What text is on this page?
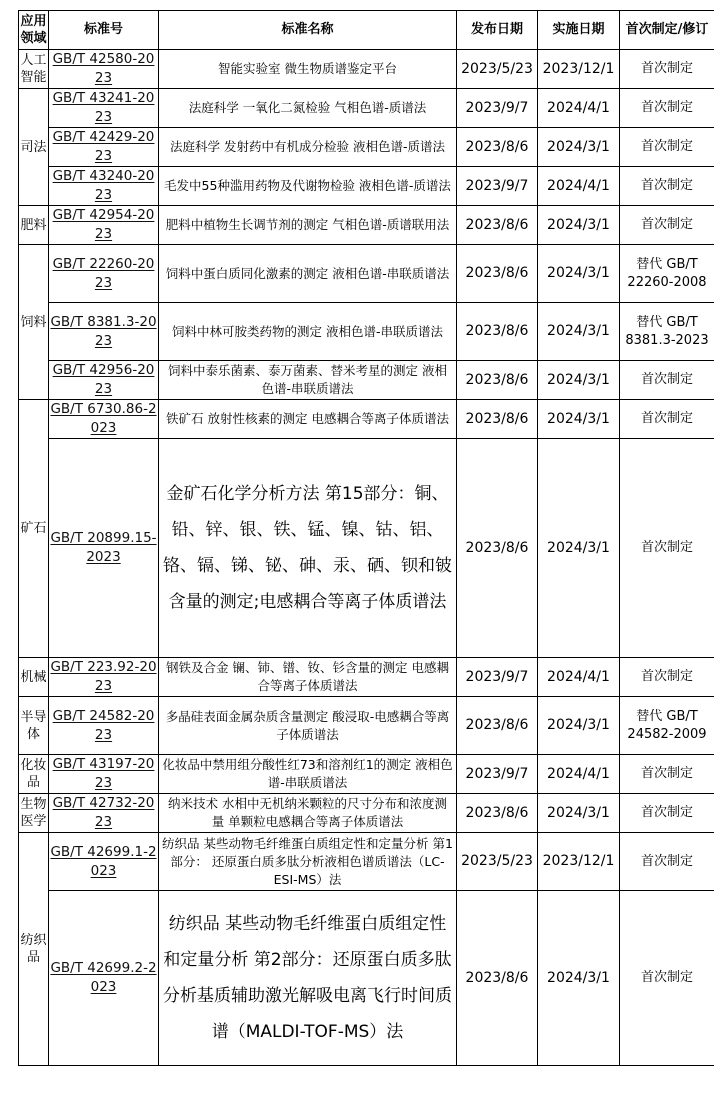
应用领域	标准号	标准名称	发布日期	实施日期	首次制定/修订
人工智能	GB/T 42580-2023	智能实验室 微生物质谱鉴定平台	2023/5/23	2023/12/1	首次制定
司法	GB/T 43241-2023	法庭科学 一氧化二氮检验 气相色谱-质谱法	2023/9/7	2024/4/1	首次制定
	GB/T 42429-2023	法庭科学 发射药中有机成分检验 液相色谱-质谱法	2023/8/6	2024/3/1	首次制定
	GB/T 43240-2023	毛发中55种滥用药物及代谢物检验 液相色谱-质谱法	2023/9/7	2024/4/1	首次制定
肥料	GB/T 42954-2023	肥料中植物生长调节剂的测定 气相色谱-质谱联用法	2023/8/6	2024/3/1	首次制定
饲料	GB/T 22260-2023	饲料中蛋白质同化激素的测定 液相色谱-串联质谱法	2023/8/6	2024/3/1	替代 GB/T 22260-2008
	GB/T 8381.3-2023	饲料中林可胺类药物的测定 液相色谱-串联质谱法	2023/8/6	2024/3/1	替代 GB/T 8381.3-2023
	GB/T 42956-2023	饲料中泰乐菌素、泰万菌素、替米考星的测定 液相色谱-串联质谱法	2023/8/6	2024/3/1	首次制定
矿石	GB/T 6730.86-2023	铁矿石 放射性核素的测定 电感耦合等离子体质谱法	2023/8/6	2024/3/1	首次制定
	GB/T 20899.15-2023	金矿石化学分析方法 第15部分：铜、铅、锌、银、铁、锰、镍、钴、铝、铬、镉、锑、铋、砷、汞、硒、钡和铍含量的测定;电感耦合等离子体质谱法	2023/8/6	2024/3/1	首次制定
机械	GB/T 223.92-2023	钢铁及合金 镧、铈、镨、钕、钐含量的测定 电感耦合等离子体质谱法	2023/9/7	2024/4/1	首次制定
半导体	GB/T 24582-2023	多晶硅表面金属杂质含量测定 酸浸取-电感耦合等离子体质谱法	2023/8/6	2024/3/1	替代 GB/T 24582-2009
化妆品	GB/T 43197-2023	化妆品中禁用组分酸性红73和溶剂红1的测定 液相色谱-串联质谱法	2023/9/7	2024/4/1	首次制定
生物医学	GB/T 42732-2023	纳米技术 水相中无机纳米颗粒的尺寸分布和浓度测量 单颗粒电感耦合等离子体质谱法	2023/8/6	2024/3/1	首次制定
纺织品	GB/T 42699.1-2023	纺织品 某些动物毛纤维蛋白质组定性和定量分析 第1部分： 还原蛋白质多肽分析液相色谱质谱法（LC-ESI-MS）法	2023/5/23	2023/12/1	首次制定
	GB/T 42699.2-2023	纺织品 某些动物毛纤维蛋白质组定性和定量分析 第2部分：还原蛋白质多肽分析基质辅助激光解吸电离飞行时间质谱（MALDI-TOF-MS）法	2023/8/6	2024/3/1	首次制定
